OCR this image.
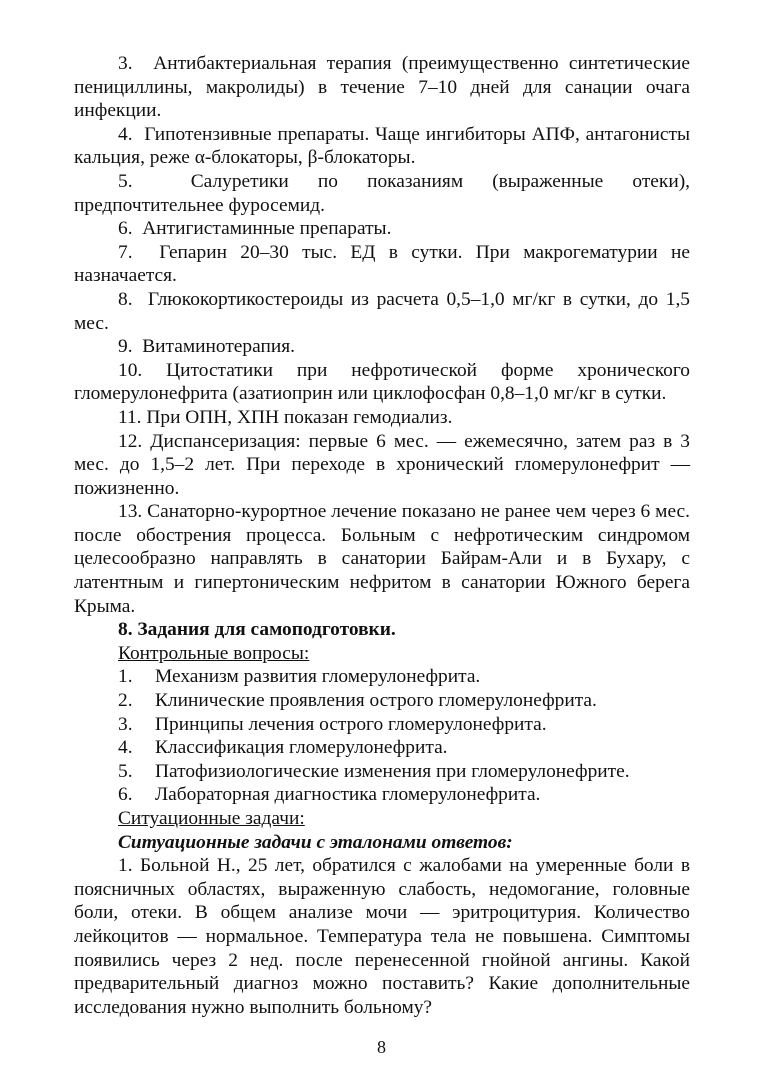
3.  Антибактериальная терапия (преимущественно синтетические пенициллины, макролиды) в течение 7–10 дней для санации очага инфекции.

4.  Гипотензивные препараты. Чаще ингибиторы АПФ, антагонисты кальция, реже α-блокаторы, β-блокаторы.

5.  Салуретики по показаниям (выраженные отеки), предпочтительнее фуросемид.

6.  Антигистаминные препараты.

7.  Гепарин 20–30 тыс. ЕД в сутки. При макрогематурии не назначается.

8.  Глюкокортикостероиды из расчета 0,5–1,0 мг/кг в сутки, до 1,5 мес.

9.  Витаминотерапия.

10. Цитостатики при нефротической форме хронического гломерулонефрита (азатиоприн или циклофосфан 0,8–1,0 мг/кг в сутки.

11. При ОПН, ХПН показан гемодиализ.

12. Диспансеризация: первые 6 мес. — ежемесячно, затем раз в 3 мес. до 1,5–2 лет. При переходе в хронический гломерулонефрит — пожизненно.

13. Санаторно-курортное лечение показано не ранее чем через 6 мес. после обострения процесса. Больным с нефротическим синдромом целесообразно направлять в санатории Байрам-Али и в Бухару, с латентным и гипертоническим нефритом в санатории Южного берега Крыма.

8. Задания для самоподготовки.

Контрольные вопросы:

1. Механизм развития гломерулонефрита.

2. Клинические проявления острого гломерулонефрита.

3. Принципы лечения острого гломерулонефрита.

4. Классификация гломерулонефрита.

5. Патофизиологические изменения при гломерулонефрите.

6. Лабораторная диагностика гломерулонефрита.

Ситуационные задачи:

Ситуационные задачи с эталонами ответов:

1. Больной Н., 25 лет, обратился с жалобами на умеренные боли в поясничных областях, выраженную слабость, недомогание, головные боли, отеки. В общем анализе мочи — эритроцитурия. Количество лейкоцитов — нормальное. Температура тела не повышена. Симптомы появились через 2 нед. после перенесенной гнойной ангины. Какой предварительный диагноз можно поставить? Какие дополнительные исследования нужно выполнить больному?

8
